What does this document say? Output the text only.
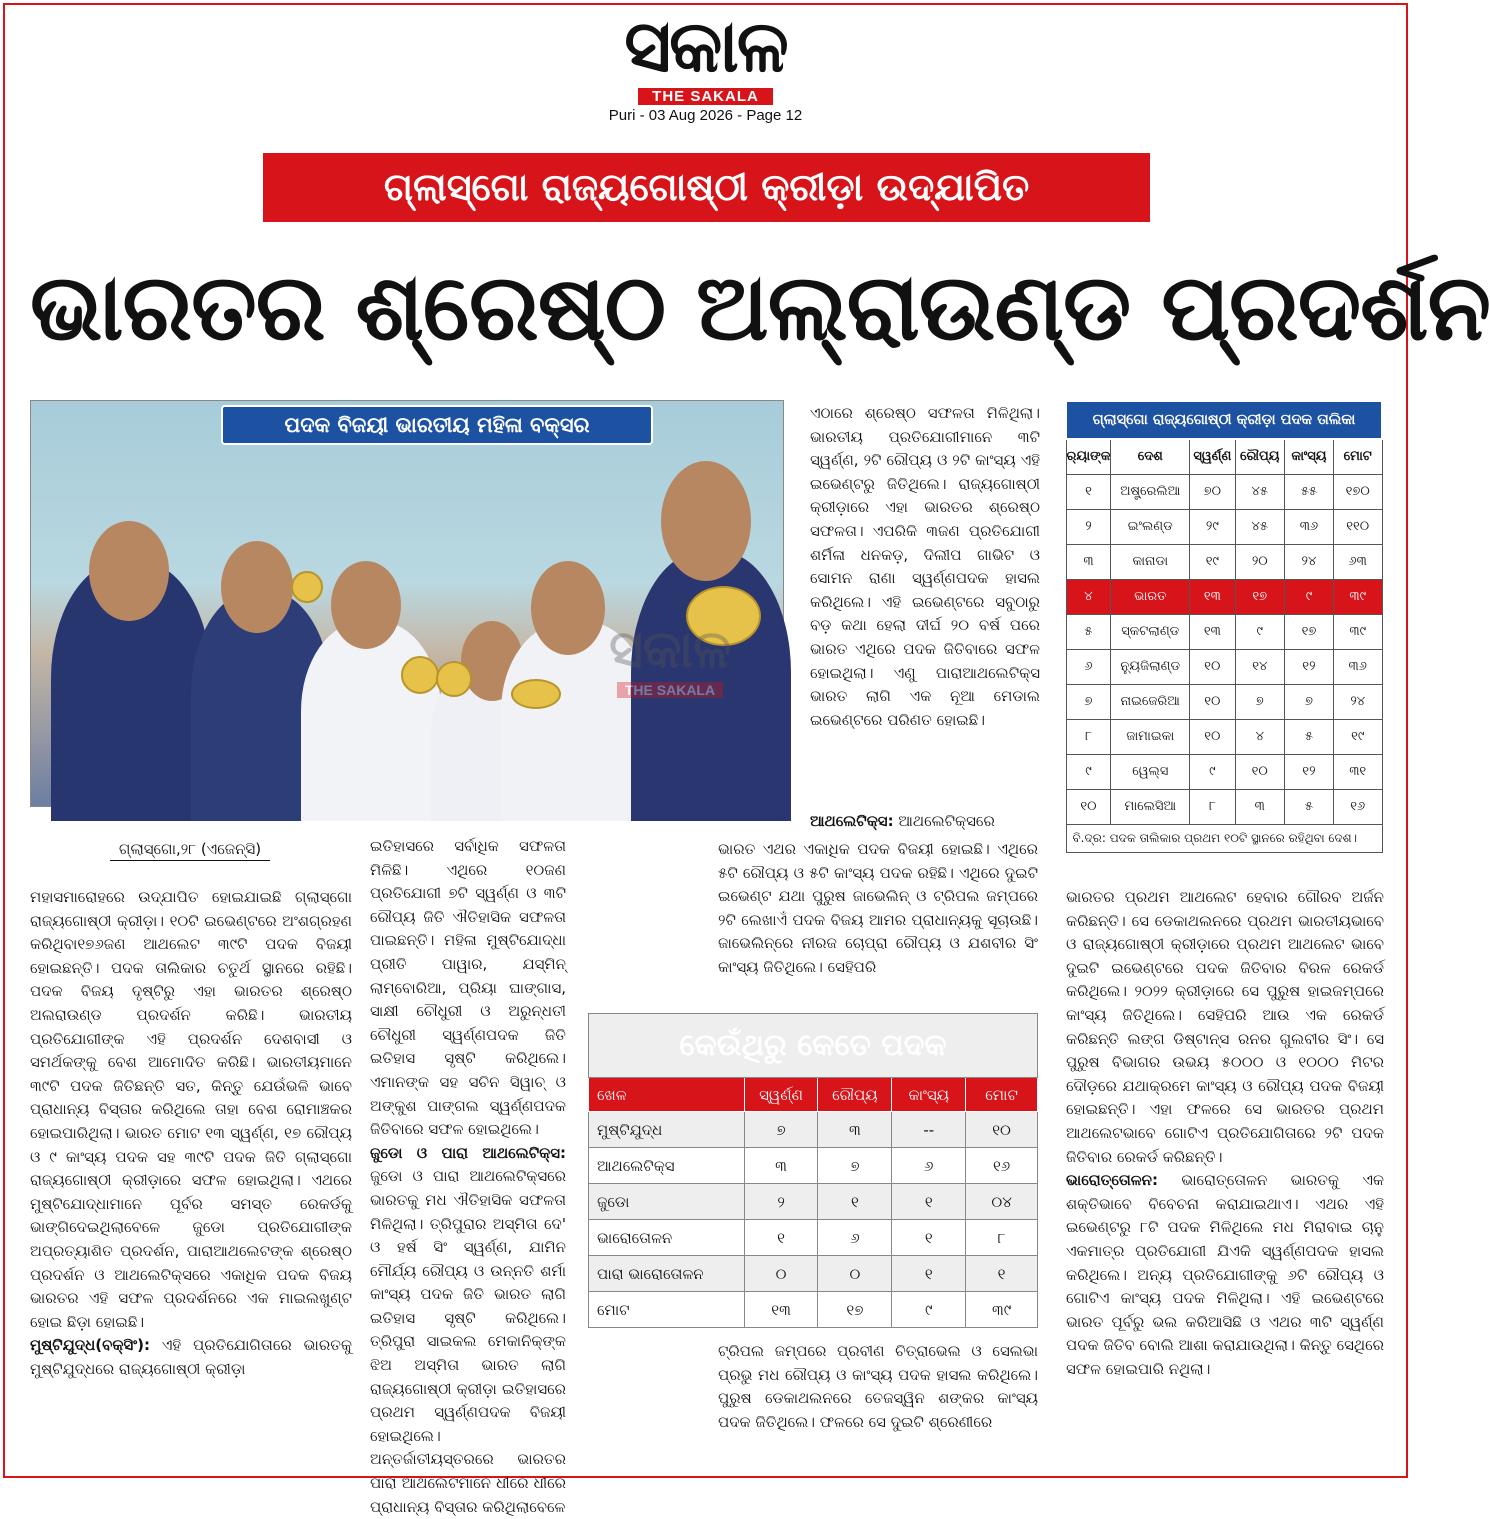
ସକାଳ
THE SAKALA
Puri - 03 Aug 2026 - Page 12
ଗ୍ଲାସ୍‌ଗୋ ରାଜ୍ୟଗୋଷ୍ଠୀ କ୍ରୀଡ଼ା ଉଦ୍‌ଯାପିତ
ଭାରତର ଶ୍ରେଷ୍ଠ ଅଲ୍‌ରାଉଣ୍ଡ ପ୍ରଦର୍ଶନ
ପଦକ ବିଜୟୀ ଭାରତୀୟ ମହିଳା ବକ୍ସର
ସକାଳ
THE SAKALA
ଗ୍ଲାସ୍‌ଗୋ,୨୮ (ଏଜେନ୍ସି)

ମହାସମାରୋହରେ ଉଦ୍‌ଯାପିତ ହୋଇଯାଇଛି ଗ୍ଲାସ୍‌ଗୋ ରାଜ୍ୟଗୋଷ୍ଠୀ କ୍ରୀଡ଼ା। ୧୦ଟି ଇଭେଣ୍ଟରେ ଅଂଶଗ୍ରହଣ କରିଥିବା୧୭୬ଜଣ ଆଥଲେଟ ୩୯ଟି ପଦକ ବିଜୟୀ ହୋଇଛନ୍ତି। ପଦକ ତାଲିକାର ଚତୁର୍ଥ ସ୍ଥାନରେ ରହିଛି। ପଦକ ବିଜୟ ଦୃଷ୍ଟିରୁ ଏହା ଭାରତର ଶ୍ରେଷ୍ଠ ଅଲରାଉଣ୍ଡ ପ୍ରଦର୍ଶନ କରିଛି। ଭାରତୀୟ ପ୍ରତିଯୋଗୀଙ୍କ ଏହି ପ୍ରଦର୍ଶନ ଦେଶବାସୀ ଓ ସମର୍ଥକଙ୍କୁ ବେଶ ଆମୋଦିତ କରିଛି। ଭାରତୀୟମାନେ ୩୯ଟି ପଦକ ଜିତିଛନ୍ତି ସତ, କିନ୍ତୁ ଯେଉଁଭଳି ଭାବେ ପ୍ରାଧାନ୍ୟ ବିସ୍ତାର କରିଥିଲେ ତାହା ବେଶ ରୋମାଞ୍ଚକର ହୋଇପାରିଥିଲା। ଭାରତ ମୋଟ ୧୩ ସ୍ୱର୍ଣ୍ଣ, ୧୭ ରୌପ୍ୟ ଓ ୯ କାଂସ୍ୟ ପଦକ ସହ ୩୯ଟି ପଦକ ଜିତି ଗ୍ଲାସ୍‌ଗୋ ରାଜ୍ୟଗୋଷ୍ଠୀ କ୍ରୀଡ଼ାରେ ସଫଳ ହୋଇଥିଲା। ଏଥରେ ମୁଷ୍ଟିଯୋଦ୍ଧାମାନେ ପୂର୍ବର ସମସ୍ତ ରେକର୍ଡକୁ ଭାଙ୍ଗିଦେଇଥିଲାବେଳେ ଜୁଡୋ ପ୍ରତିଯୋଗୀଙ୍କ ଅପ୍ରତ୍ୟାଶିତ ପ୍ରଦର୍ଶନ, ପାରାଆଥଲେଟଙ୍କ ଶ୍ରେଷ୍ଠ ପ୍ରଦର୍ଶନ ଓ ଆଥଲେଟିକ୍ସରେ ଏକାଧିକ ପଦକ ବିଜୟ ଭାରତର ଏହି ସଫଳ ପ୍ରଦର୍ଶନରେ ଏକ ମାଇଲଖୁଣ୍ଟ ହୋଇ ଛିଡ଼ା ହୋଇଛି।

ମୁଷ୍ଟିଯୁଦ୍ଧ(ବକ୍ସିଂ): ଏହି ପ୍ରତିଯୋଗିତାରେ ଭାରତକୁ ମୁଷ୍ଟିଯୁଦ୍ଧରେ ରାଜ୍ୟଗୋଷ୍ଠୀ କ୍ରୀଡ଼ା

ଇତିହାସରେ ସର୍ବାଧିକ ସଫଳତା ମିଳିଛି। ଏଥିରେ ୧୦ଜଣ ପ୍ରତିଯୋଗୀ ୭ଟି ସ୍ୱର୍ଣ୍ଣ ଓ ୩ଟି ରୌପ୍ୟ ଜିତି ଐତିହାସିକ ସଫଳତା ପାଇଛନ୍ତି। ମହିଳା ମୁଷ୍ଟିଯୋଦ୍ଧା ପ୍ରୀତି ପାୱାର, ଯସ୍ମିନ୍ ଲାମ୍ବୋରିଆ, ପ୍ରିୟା ଘାଙ୍ଗାସ, ସାକ୍ଷୀ ଚୌଧୁରୀ ଓ ଅରୁନ୍ଧତୀ ଚୌଧୁରୀ ସ୍ୱର୍ଣ୍ଣପଦକ ଜିତି ଇତିହାସ ସୃଷ୍ଟି କରିଥିଲେ। ଏମାନଙ୍କ ସହ ସଚିନ ସିୱାଚ୍ ଓ ଅଙ୍କୁଶ ପାଙ୍ଗଲ ସ୍ୱର୍ଣ୍ଣପଦକ ଜିତିବାରେ ସଫଳ ହୋଇଥିଲେ।

ଜୁଡୋ ଓ ପାରା ଆଥଲେଟିକ୍ସ: ଜୁଡୋ ଓ ପାରା ଆଥଲେଟିକ୍ସରେ ଭାରତକୁ ମଧ ଐତିହାସିକ ସଫଳତା ମିଳିଥିଲା। ତ୍ରିପୁରାର ଅସ୍ମିତା ଦେ' ଓ ହର୍ଷ ସିଂ ସ୍ୱର୍ଣ୍ଣ, ଯାମିନ ମୌର୍ଯ୍ୟ ରୌପ୍ୟ ଓ ଉନ୍ନତି ଶର୍ମା କାଂସ୍ୟ ପଦକ ଜିତି ଭାରତ ଲାଗି ଇତିହାସ ସୃଷ୍ଟି କରିଥିଲେ। ତ୍ରିପୁରା ସାଇକଲ ମେକାନିକ୍‌ଙ୍କ ଝିଅ ଅସ୍ମିତା ଭାରତ ଲାଗି ରାଜ୍ୟଗୋଷ୍ଠୀ କ୍ରୀଡ଼ା ଇତିହାସରେ ପ୍ରଥମ ସ୍ୱର୍ଣ୍ଣପଦକ ବିଜୟୀ ହୋଇଥିଲେ। ଅନ୍ତର୍ଜାତୀୟସ୍ତରରେ ଭାରତର ପାରା ଆଥଲେଟମାନେ ଧୀରେ ଧୀରେ ପ୍ରାଧାନ୍ୟ ବିସ୍ତାର କରିଥିଲାବେଳେ

ଏଠାରେ ଶ୍ରେଷ୍ଠ ସଫଳତା ମିଳିଥିଲା। ଭାରତୀୟ ପ୍ରତିଯୋଗୀମାନେ ୩ଟି ସ୍ୱର୍ଣ୍ଣ, ୨ଟି ରୌପ୍ୟ ଓ ୨ଟି କାଂସ୍ୟ ଏହି ଇଭେଣ୍ଟରୁ ଜିତିଥିଲେ। ରାଜ୍ୟଗୋଷ୍ଠୀ କ୍ରୀଡ଼ାରେ ଏହା ଭାରତର ଶ୍ରେଷ୍ଠ ସଫଳତା। ଏପରିକି ୩ଜଣ ପ୍ରତିଯୋଗୀ ଶର୍ମିଳା ଧନକଡ଼, ଦିଲୀପ ଗାଭିଟ ଓ ସୋମନ ରାଣା ସ୍ୱର୍ଣ୍ଣପଦକ ହାସଲ କରିଥିଲେ। ଏହି ଇଭେଣ୍ଟରେ ସବୁଠାରୁ ବଡ଼ କଥା ହେଲା ଦୀର୍ଘ ୨୦ ବର୍ଷ ପରେ ଭାରତ ଏଥିରେ ପଦକ ଜିତିବାରେ ସଫଳ ହୋଇଥିଲା। ଏଣୁ ପାରାଆଥଲେଟିକ୍ସ ଭାରତ ଲାଗି ଏକ ନୂଆ ମେଡାଲ ଇଭେଣ୍ଟରେ ପରିଣତ ହୋଇଛି।

ଆଥଲେଟିକ୍ସ: ଆଥଲେଟିକ୍ସରେ

ଭାରତ ଏଥର ଏକାଧିକ ପଦକ ବିଜୟୀ ହୋଇଛି। ଏଥିରେ ୫ଟି ରୌପ୍ୟ ଓ ୫ଟି କାଂସ୍ୟ ପଦକ ରହିଛି। ଏଥିରେ ଦୁଇଟି ଇଭେଣ୍ଟ ଯଥା ପୁରୁଷ ଜାଭେଲିନ୍ ଓ ଟ୍ରିପଲ ଜମ୍ପରେ ୨ଟି ଲେଖାଏଁ ପଦକ ବିଜୟ ଆମର ପ୍ରାଧାନ୍ୟକୁ ସୂଚାଉଛି। ଜାଭେଲିନ୍‌ରେ ନୀରଜ ଚୋପ୍ରା ରୌପ୍ୟ ଓ ଯଶବୀର ସିଂ କାଂସ୍ୟ ଜିତିଥିଲେ। ସେହିପରି

ଟ୍ରିପଲ ଜମ୍ପରେ ପ୍ରବୀଣ ଚିତ୍ରାଭେଲ ଓ ସେଲଭା ପ୍ରଭୁ ମଧ ରୌପ୍ୟ ଓ କାଂସ୍ୟ ପଦକ ହାସଲ କରିଥିଲେ। ପୁରୁଷ ଡେକାଥଲନରେ ତେଜସ୍ୱିନ ଶଙ୍କର କାଂସ୍ୟ ପଦକ ଜିତିଥିଲେ। ଫଳରେ ସେ ଦୁଇଟି ଶ୍ରେଣୀରେ

ଭାରତର ପ୍ରଥମ ଆଥଲେଟ ହେବାର ଗୌରବ ଅର୍ଜନ କରିଛନ୍ତି। ସେ ଡେକାଥଲନରେ ପ୍ରଥମ ଭାରତୀୟଭାବେ ଓ ରାଜ୍ୟଗୋଷ୍ଠୀ କ୍ରୀଡ଼ାରେ ପ୍ରଥମ ଆଥଲେଟ ଭାବେ ଦୁଇଟି ଇଭେଣ୍ଟରେ ପଦକ ଜିତିବାର ବିରଳ ରେକର୍ଡ କରିଥିଲେ। ୨୦୨୨ କ୍ରୀଡ଼ାରେ ସେ ପୁରୁଷ ହାଇଜମ୍ପରେ କାଂସ୍ୟ ଜିତିଥିଲେ। ସେହିପରି ଆଉ ଏକ ରେକର୍ଡ କରିଛନ୍ତି ଲଙ୍ଗ ଡିଷ୍ଟାନ୍ସ ରନର ଗୁଲବୀର ସିଂ। ସେ ପୁରୁଷ ବିଭାଗର ଉଭୟ ୫୦୦୦ ଓ ୧୦୦୦ ମିଟର ଦୌଡ଼ରେ ଯଥାକ୍ରମେ କାଂସ୍ୟ ଓ ରୌପ୍ୟ ପଦକ ବିଜୟୀ ହୋଇଛନ୍ତି। ଏହା ଫଳରେ ସେ ଭାରତର ପ୍ରଥମ ଆଥଲେଟଭାବେ ଗୋଟିଏ ପ୍ରତିଯୋଗିତାରେ ୨ଟି ପଦକ ଜିତିବାର ରେକର୍ଡ କରିଛନ୍ତି।

ଭାରୋତ୍ତୋଳନ: ଭାରୋତ୍ତୋଳନ ଭାରତକୁ ଏକ ଶକ୍ତିଭାବେ ବିବେଚନା କରାଯାଇଥାଏ। ଏଥର ଏହି ଇଭେଣ୍ଟରୁ ୮ଟି ପଦକ ମିଳିଥିଲେ ମଧ ମିରାବାଇ ଚାନୁ ଏକମାତ୍ର ପ୍ରତିଯୋଗୀ ଯିଏକି ସ୍ୱର୍ଣ୍ଣପଦକ ହାସଲ କରିଥିଲେ। ଅନ୍ୟ ପ୍ରତିଯୋଗୀଙ୍କୁ ୬ଟି ରୌପ୍ୟ ଓ ଗୋଟିଏ କାଂସ୍ୟ ପଦକ ମିଳିଥିଲା। ଏହି ଇଭେଣ୍ଟରେ ଭାରତ ପୂର୍ବରୁ ଭଲ କରିଆସିଛି ଓ ଏଥର ୩ଟି ସ୍ୱର୍ଣ୍ଣ ପଦକ ଜିତିବ ବୋଲି ଆଶା କରାଯାଉଥିଲା। କିନ୍ତୁ ସେଥିରେ ସଫଳ ହୋଇପାରି ନଥିଲା।

ଗ୍ଲାସ୍‌ଗୋ ରାଜ୍ୟଗୋଷ୍ଠୀ କ୍ରୀଡ଼ା ପଦକ ତାଲିକା					
ର୍‍ୟାଙ୍କ	ଦେଶ	ସ୍ୱର୍ଣ୍ଣ	ରୌପ୍ୟ	କାଂସ୍ୟ	ମୋଟ
୧	ଅଷ୍ଟ୍ରେଲିଆ	୭୦	୪୫	୫୫	୧୭୦
୨	ଇଂଲଣ୍ଡ	୨୯	୪୫	୩୬	୧୧୦
୩	କାନାଡା	୧୯	୨୦	୨୪	୬୩
୪	ଭାରତ	୧୩	୧୭	୯	୩୯
୫	ସ୍କଟଲାଣ୍ଡ	୧୩	୯	୧୭	୩୯
୬	ନ୍ୟୁଜିଲାଣ୍ଡ	୧୦	୧୪	୧୨	୩୬
୭	ନାଇଜେରିଆ	୧୦	୭	୭	୨୪
୮	ଜାମାଇକା	୧୦	୪	୫	୧୯
୯	ୱେଲ୍ସ	୯	୧୦	୧୨	୩୧
୧୦	ମାଲେସିଆ	୮	୩	୫	୧୬
ବି.ଦ୍ର: ପଦକ ତାଲିକାର ପ୍ରଥମ ୧୦ଟି ସ୍ଥାନରେ ରହିଥିବା ଦେଶ।					
କେଉଁଥିରୁ କେତେ ପଦକ				
ଖେଳ	ସ୍ୱର୍ଣ୍ଣ	ରୌପ୍ୟ	କାଂସ୍ୟ	ମୋଟ
ମୁଷ୍ଟିଯୁଦ୍ଧ	୭	୩	--	୧୦
ଆଥଲେଟିକ୍ସ	୩	୭	୬	୧୬
ଜୁଡୋ	୨	୧	୧	୦୪
ଭାରୋତୋଳନ	୧	୬	୧	୮
ପାରା ଭାରୋତୋଳନ	୦	୦	୧	୧
ମୋଟ	୧୩	୧୭	୯	୩୯
